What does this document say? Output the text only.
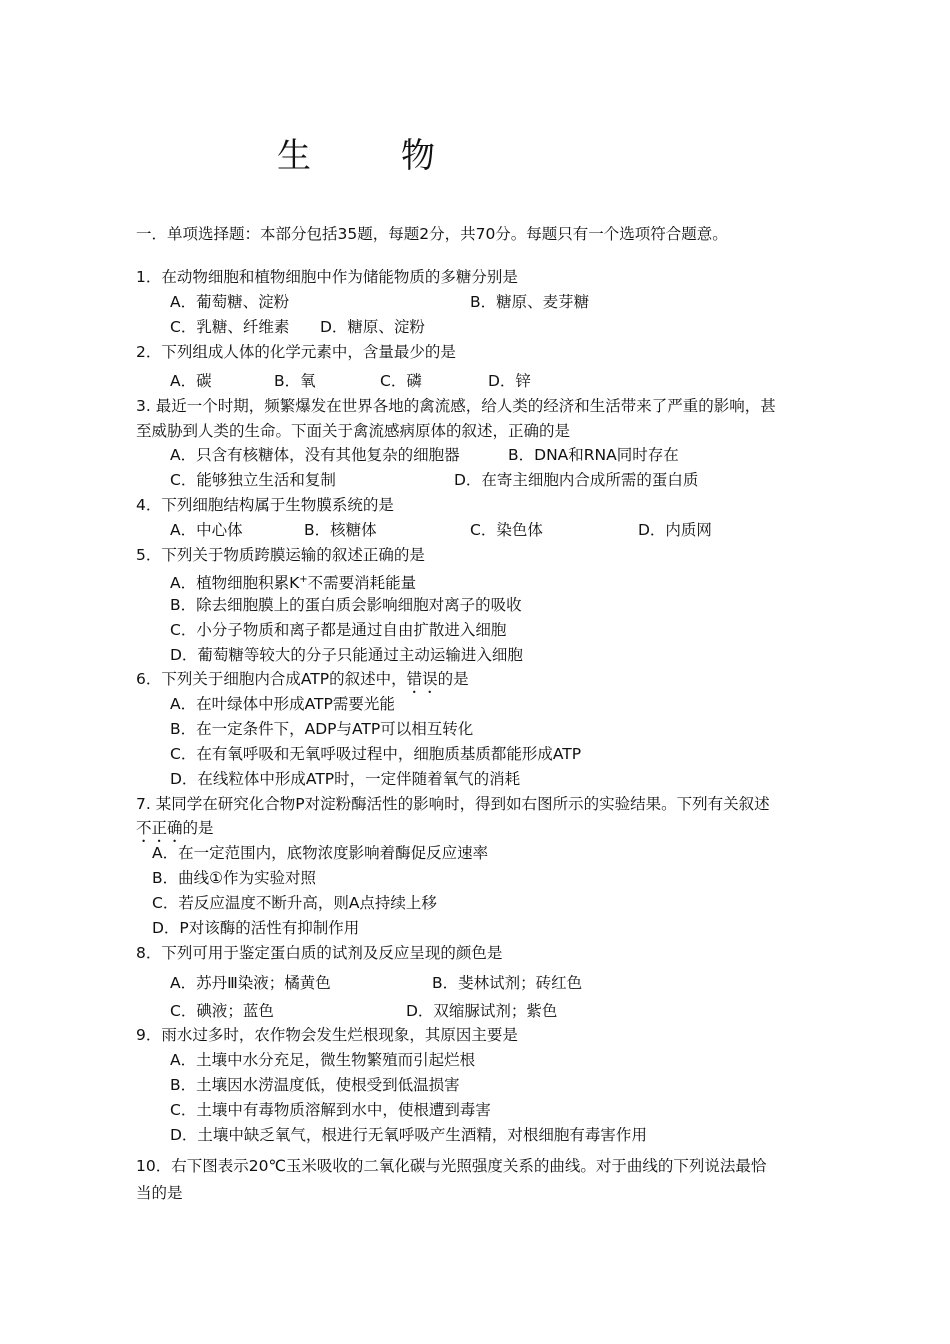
生　物
一．单项选择题：本部分包括35题，每题2分，共70分。每题只有一个选项符合题意。
1．在动物细胞和植物细胞中作为储能物质的多糖分别是
A．葡萄糖、淀粉	B．糖原、麦芽糖
C．乳糖、纤维素 D．糖原、淀粉
2．下列组成人体的化学元素中，含量最少的是
A．碳	B．氧	C．磷	D．锌
3. 最近一个时期，频繁爆发在世界各地的禽流感，给人类的经济和生活带来了严重的影响，甚
至威胁到人类的生命。下面关于禽流感病原体的叙述，正确的是
A．只含有核糖体，没有其他复杂的细胞器	B．DNA和RNA同时存在
C．能够独立生活和复制	D．在寄主细胞内合成所需的蛋白质
4．下列细胞结构属于生物膜系统的是
A．中心体	B．核糖体	C．染色体	D．内质网
5．下列关于物质跨膜运输的叙述正确的是
A．植物细胞积累K+不需要消耗能量
B．除去细胞膜上的蛋白质会影响细胞对离子的吸收
C．小分子物质和离子都是通过自由扩散进入细胞
D．葡萄糖等较大的分子只能通过主动运输进入细胞
6．下列关于细胞内合成ATP的叙述中，错误的是
A．在叶绿体中形成ATP需要光能
B．在一定条件下，ADP与ATP可以相互转化
C．在有氧呼吸和无氧呼吸过程中，细胞质基质都能形成ATP
D．在线粒体中形成ATP时，一定伴随着氧气的消耗
7. 某同学在研究化合物P对淀粉酶活性的影响时，得到如右图所示的实验结果。下列有关叙述
不正确的是
A．在一定范围内，底物浓度影响着酶促反应速率
B．曲线①作为实验对照
C．若反应温度不断升高，则A点持续上移
D．P对该酶的活性有抑制作用
8．下列可用于鉴定蛋白质的试剂及反应呈现的颜色是
A．苏丹Ⅲ染液；橘黄色	B．斐林试剂；砖红色
C．碘液；蓝色	D．双缩脲试剂；紫色
9．雨水过多时，农作物会发生烂根现象，其原因主要是
A．土壤中水分充足，微生物繁殖而引起烂根
B．土壤因水涝温度低，使根受到低温损害
C．土壤中有毒物质溶解到水中，使根遭到毒害
D．土壤中缺乏氧气，根进行无氧呼吸产生酒精，对根细胞有毒害作用
10．右下图表示20℃玉米吸收的二氧化碳与光照强度关系的曲线。对于曲线的下列说法最恰
当的是
